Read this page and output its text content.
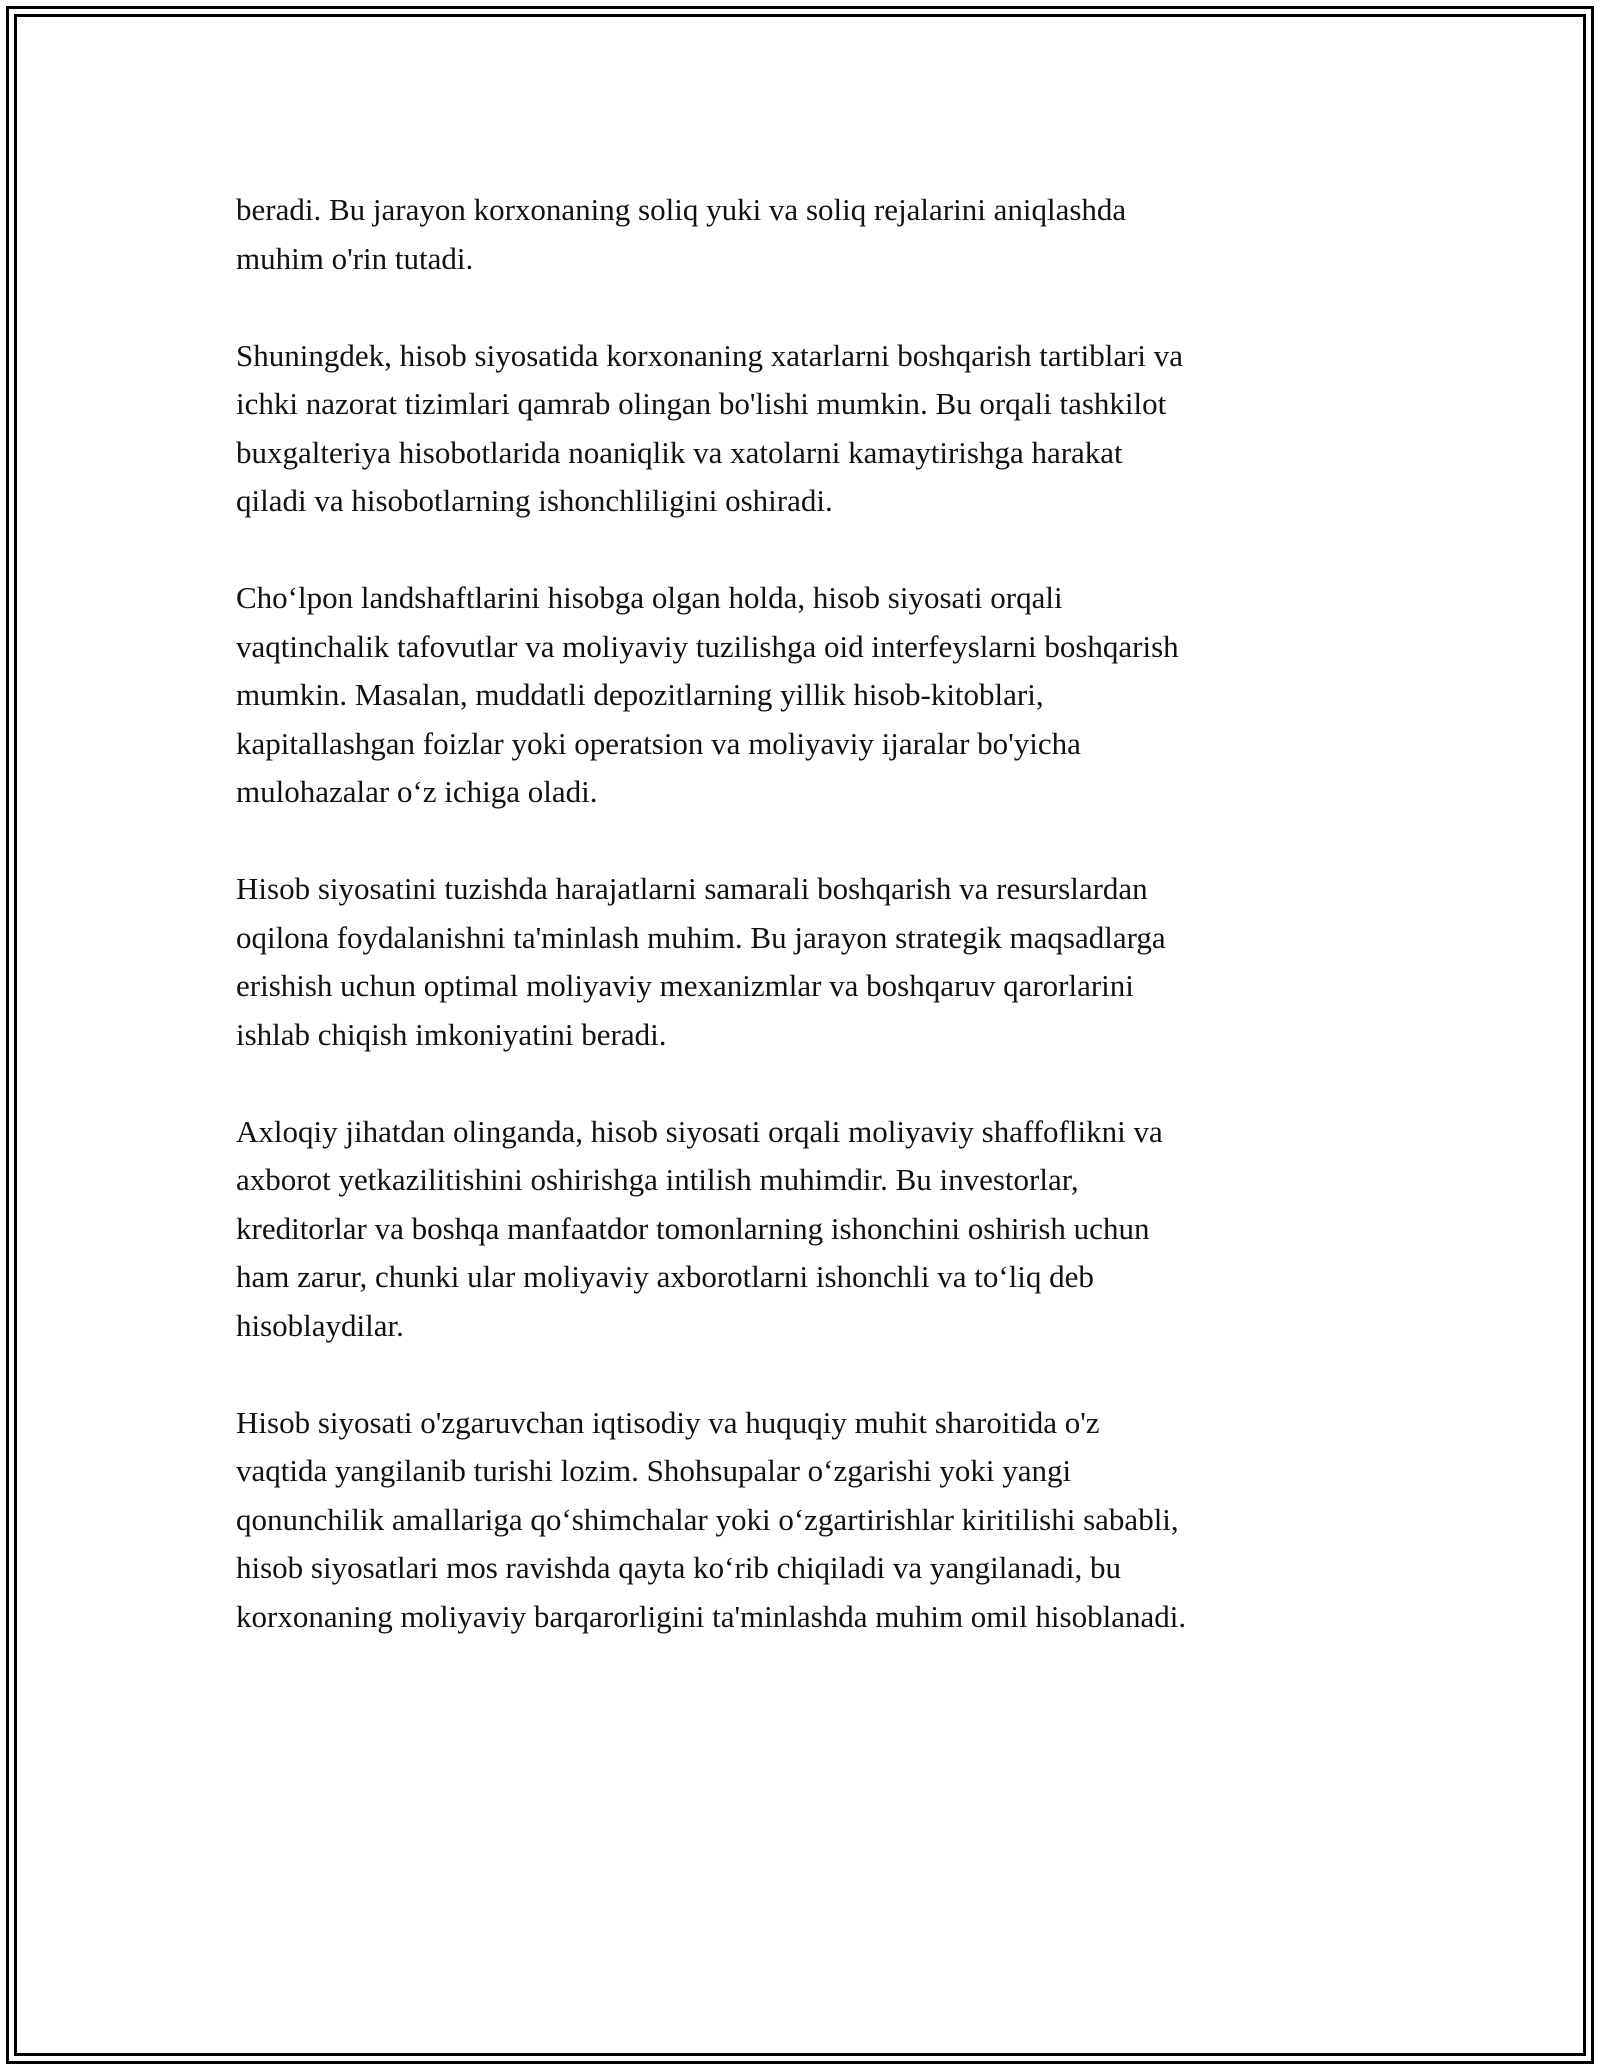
beradi. Bu jarayon korxonaning soliq yuki va soliq rejalarini aniqlashda
muhim o'rin tutadi.

Shuningdek, hisob siyosatida korxonaning xatarlarni boshqarish tartiblari va
ichki nazorat tizimlari qamrab olingan bo'lishi mumkin. Bu orqali tashkilot
buxgalteriya hisobotlarida noaniqlik va xatolarni kamaytirishga harakat
qiladi va hisobotlarning ishonchliligini oshiradi.

Cho‘lpon landshaftlarini hisobga olgan holda, hisob siyosati orqali
vaqtinchalik tafovutlar va moliyaviy tuzilishga oid interfeyslarni boshqarish
mumkin. Masalan, muddatli depozitlarning yillik hisob-kitoblari,
kapitallashgan foizlar yoki operatsion va moliyaviy ijaralar bo'yicha
mulohazalar o‘z ichiga oladi.

Hisob siyosatini tuzishda harajatlarni samarali boshqarish va resurslardan
oqilona foydalanishni ta'minlash muhim. Bu jarayon strategik maqsadlarga
erishish uchun optimal moliyaviy mexanizmlar va boshqaruv qarorlarini
ishlab chiqish imkoniyatini beradi.

Axloqiy jihatdan olinganda, hisob siyosati orqali moliyaviy shaffoflikni va
axborot yetkazilitishini oshirishga intilish muhimdir. Bu investorlar,
kreditorlar va boshqa manfaatdor tomonlarning ishonchini oshirish uchun
ham zarur, chunki ular moliyaviy axborotlarni ishonchli va to‘liq deb
hisoblaydilar.

Hisob siyosati o'zgaruvchan iqtisodiy va huquqiy muhit sharoitida o'z
vaqtida yangilanib turishi lozim. Shohsupalar o‘zgarishi yoki yangi
qonunchilik amallariga qo‘shimchalar yoki o‘zgartirishlar kiritilishi sababli,
hisob siyosatlari mos ravishda qayta ko‘rib chiqiladi va yangilanadi, bu
korxonaning moliyaviy barqarorligini ta'minlashda muhim omil hisoblanadi.
